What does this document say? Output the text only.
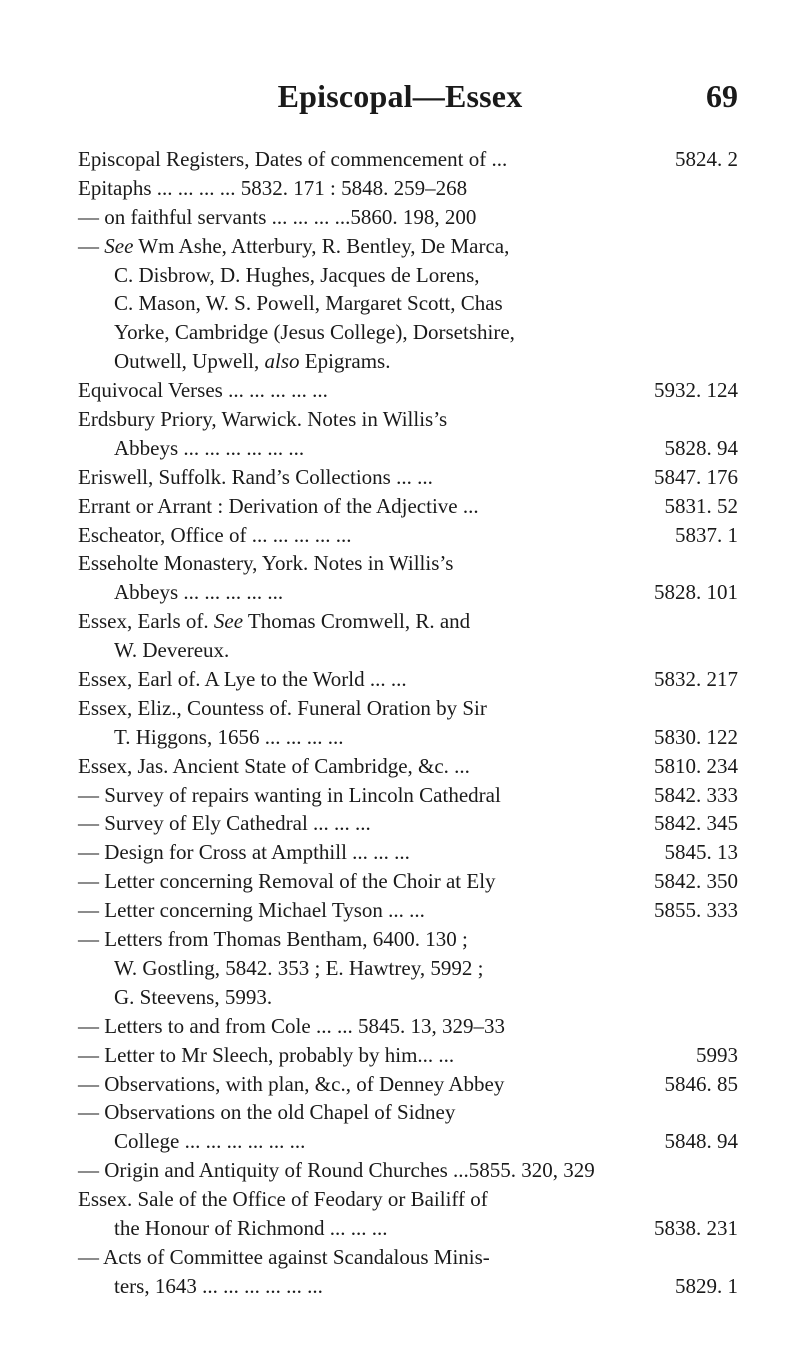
Episcopal—Essex	69
Episcopal Registers, Dates of commencement of ...	5824. 2
Epitaphs ... ... ... ... 5832. 171 : 5848. 259–268
— on faithful servants ... ... ... ...5860. 198, 200
— See Wm Ashe, Atterbury, R. Bentley, De Marca,
C. Disbrow, D. Hughes, Jacques de Lorens,
C. Mason, W. S. Powell, Margaret Scott, Chas
Yorke, Cambridge (Jesus College), Dorsetshire,
Outwell, Upwell, also Epigrams.
Equivocal Verses ... ... ... ... ...	5932. 124
Erdsbury Priory, Warwick. Notes in Willis’s
Abbeys ... ... ... ... ... ...	5828. 94
Eriswell, Suffolk. Rand’s Collections ... ...	5847. 176
Errant or Arrant : Derivation of the Adjective ...	5831. 52
Escheator, Office of ... ... ... ... ...	5837. 1
Esseholte Monastery, York. Notes in Willis’s
Abbeys ... ... ... ... ...	5828. 101
Essex, Earls of. See Thomas Cromwell, R. and
W. Devereux.
Essex, Earl of. A Lye to the World ... ...	5832. 217
Essex, Eliz., Countess of. Funeral Oration by Sir
T. Higgons, 1656 ... ... ... ...	5830. 122
Essex, Jas. Ancient State of Cambridge, &c. ...	5810. 234
— Survey of repairs wanting in Lincoln Cathedral	5842. 333
— Survey of Ely Cathedral ... ... ...	5842. 345
— Design for Cross at Ampthill ... ... ...	5845. 13
— Letter concerning Removal of the Choir at Ely	5842. 350
— Letter concerning Michael Tyson ... ...	5855. 333
— Letters from Thomas Bentham, 6400. 130 ;
W. Gostling, 5842. 353 ; E. Hawtrey, 5992 ;
G. Steevens, 5993.
— Letters to and from Cole ... ... 5845. 13, 329–33
— Letter to Mr Sleech, probably by him... ...	5993
— Observations, with plan, &c., of Denney Abbey	5846. 85
— Observations on the old Chapel of Sidney
College ... ... ... ... ... ...	5848. 94
— Origin and Antiquity of Round Churches ...5855. 320, 329
Essex. Sale of the Office of Feodary or Bailiff of
the Honour of Richmond ... ... ...	5838. 231
— Acts of Committee against Scandalous Minis-
ters, 1643 ... ... ... ... ... ...	5829. 1
